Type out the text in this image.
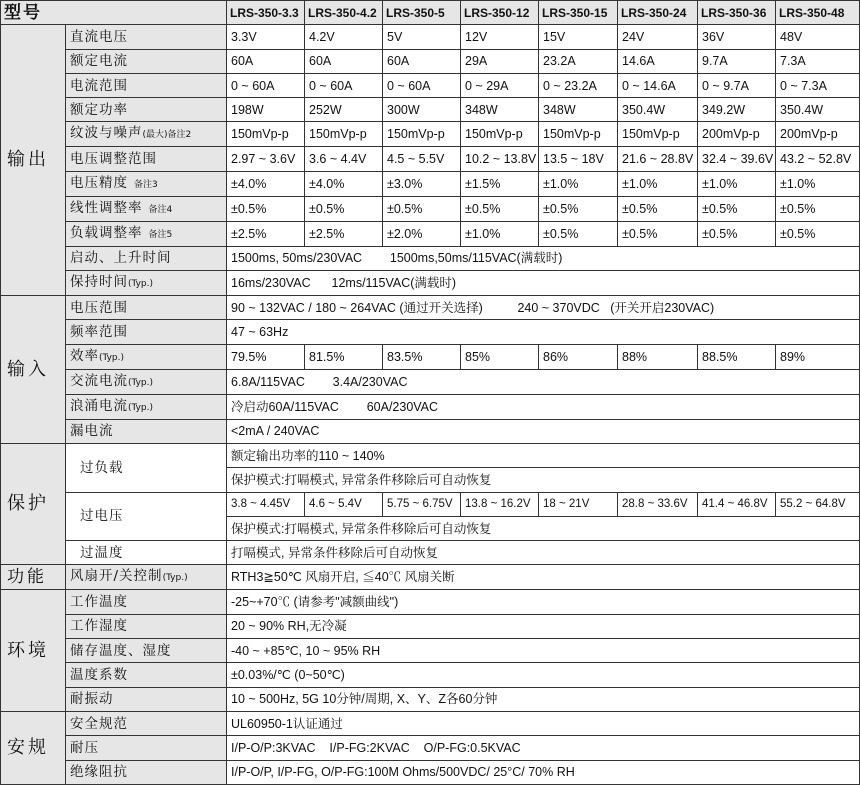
型号		LRS-350-3.3	LRS-350-4.2	LRS-350-5	LRS-350-12	LRS-350-15	LRS-350-24	LRS-350-36	LRS-350-48
输出	直流电压	3.3V	4.2V	5V	12V	15V	24V	36V	48V
	额定电流	60A	60A	60A	29A	23.2A	14.6A	9.7A	7.3A
	电流范围	0 ~ 60A	0 ~ 60A	0 ~ 60A	0 ~ 29A	0 ~ 23.2A	0 ~ 14.6A	0 ~ 9.7A	0 ~ 7.3A
	额定功率	198W	252W	300W	348W	348W	350.4W	349.2W	350.4W
	纹波与噪声(最大)备注2	150mVp-p	150mVp-p	150mVp-p	150mVp-p	150mVp-p	150mVp-p	200mVp-p	200mVp-p
	电压调整范围	2.97 ~ 3.6V	3.6 ~ 4.4V	4.5 ~ 5.5V	10.2 ~ 13.8V	13.5 ~ 18V	21.6 ~ 28.8V	32.4 ~ 39.6V	43.2 ~ 52.8V
	电压精度 备注3	±4.0%	±4.0%	±3.0%	±1.5%	±1.0%	±1.0%	±1.0%	±1.0%
	线性调整率 备注4	±0.5%	±0.5%	±0.5%	±0.5%	±0.5%	±0.5%	±0.5%	±0.5%
	负载调整率 备注5	±2.5%	±2.5%	±2.0%	±1.0%	±0.5%	±0.5%	±0.5%	±0.5%
	启动、上升时间	1500ms, 50ms/230VAC        1500ms,50ms/115VAC(满载时)							
	保持时间(Typ.)	16ms/230VAC      12ms/115VAC(满载时)							
输入	电压范围	90 ~ 132VAC / 180 ~ 264VAC (通过开关选择)          240 ~ 370VDC   (开关开启230VAC)							
	频率范围	47 ~ 63Hz							
	效率(Typ.)	79.5%	81.5%	83.5%	85%	86%	88%	88.5%	89%
	交流电流(Typ.)	6.8A/115VAC        3.4A/230VAC							
	浪涌电流(Typ.)	冷启动60A/115VAC        60A/230VAC							
	漏电流	<2mA / 240VAC							
保护	过负载	额定输出功率的110 ~ 140%							
		保护模式:打嗝模式, 异常条件移除后可自动恢复							
	过电压	3.8 ~ 4.45V	4.6 ~ 5.4V	5.75 ~ 6.75V	13.8 ~ 16.2V	18 ~ 21V	28.8 ~ 33.6V	41.4 ~ 46.8V	55.2 ~ 64.8V
		保护模式:打嗝模式, 异常条件移除后可自动恢复							
	过温度	打嗝模式, 异常条件移除后可自动恢复							
功能	风扇开/关控制(Typ.)	RTH3≧50℃ 风扇开启, ≦40℃ 风扇关断							
环境	工作温度	-25~+70℃ (请参考"减额曲线")							
	工作湿度	20 ~ 90% RH,无冷凝							
	储存温度、湿度	-40 ~ +85℃, 10 ~ 95% RH							
	温度系数	±0.03%/℃ (0~50℃)							
	耐振动	10 ~ 500Hz, 5G 10分钟/周期, X、Y、Z各60分钟							
安规	安全规范	UL60950-1认证通过							
	耐压	I/P-O/P:3KVAC    I/P-FG:2KVAC    O/P-FG:0.5KVAC							
	绝缘阻抗	I/P-O/P, I/P-FG, O/P-FG:100M Ohms/500VDC/ 25°C/ 70% RH							
